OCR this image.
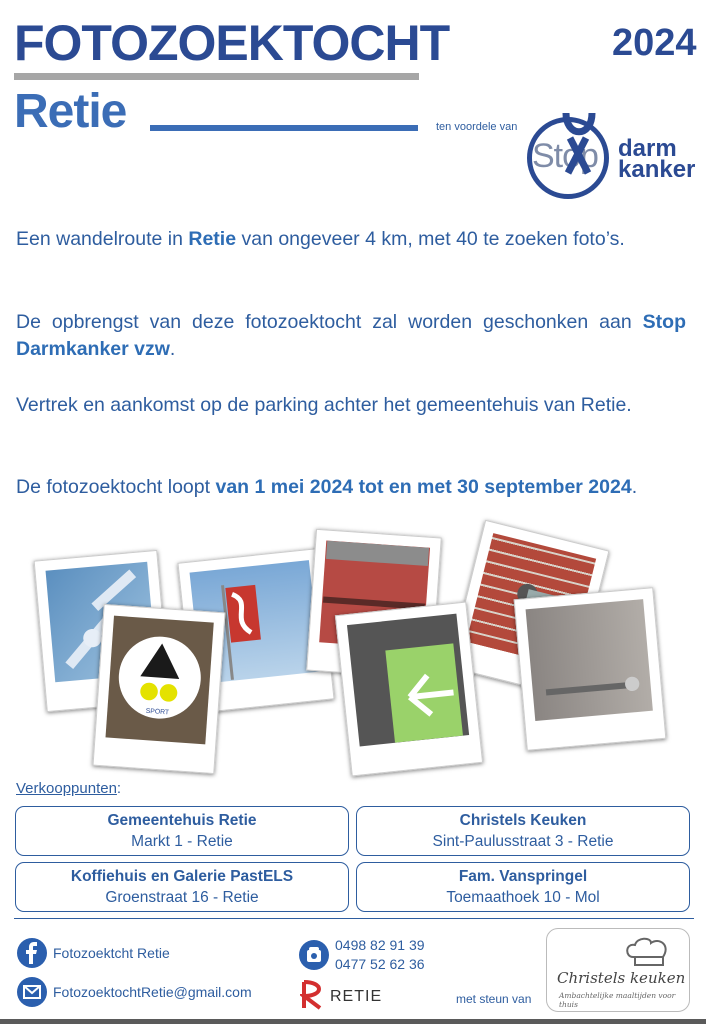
FOTOZOEKTOCHT
Retie
2024
ten voordele van
Stop darm
kanker
Een wandelroute in Retie van ongeveer 4 km, met 40 te zoeken foto’s.
De opbrengst van deze fotozoektocht zal worden geschonken aan Stop Darmkanker vzw.
Vertrek en aankomst op de parking achter het gemeentehuis van Retie.
De fotozoektocht loopt van 1 mei 2024 tot en met 30 september 2024.
SPORT
Verkooppunten:
Gemeentehuis Retie
Markt 1 - Retie
Christels Keuken
Sint-Paulusstraat 3 - Retie
Koffiehuis en Galerie PastELS
Groenstraat 16 - Retie
Fam. Vanspringel
Toemaathoek 10 - Mol
Fotozoektcht Retie
FotozoektochtRetie@gmail.com
0498 82 91 39
0477 52 62 36
RETIE	met steun van
Christels keuken
Ambachtelijke maaltijden voor thuis
